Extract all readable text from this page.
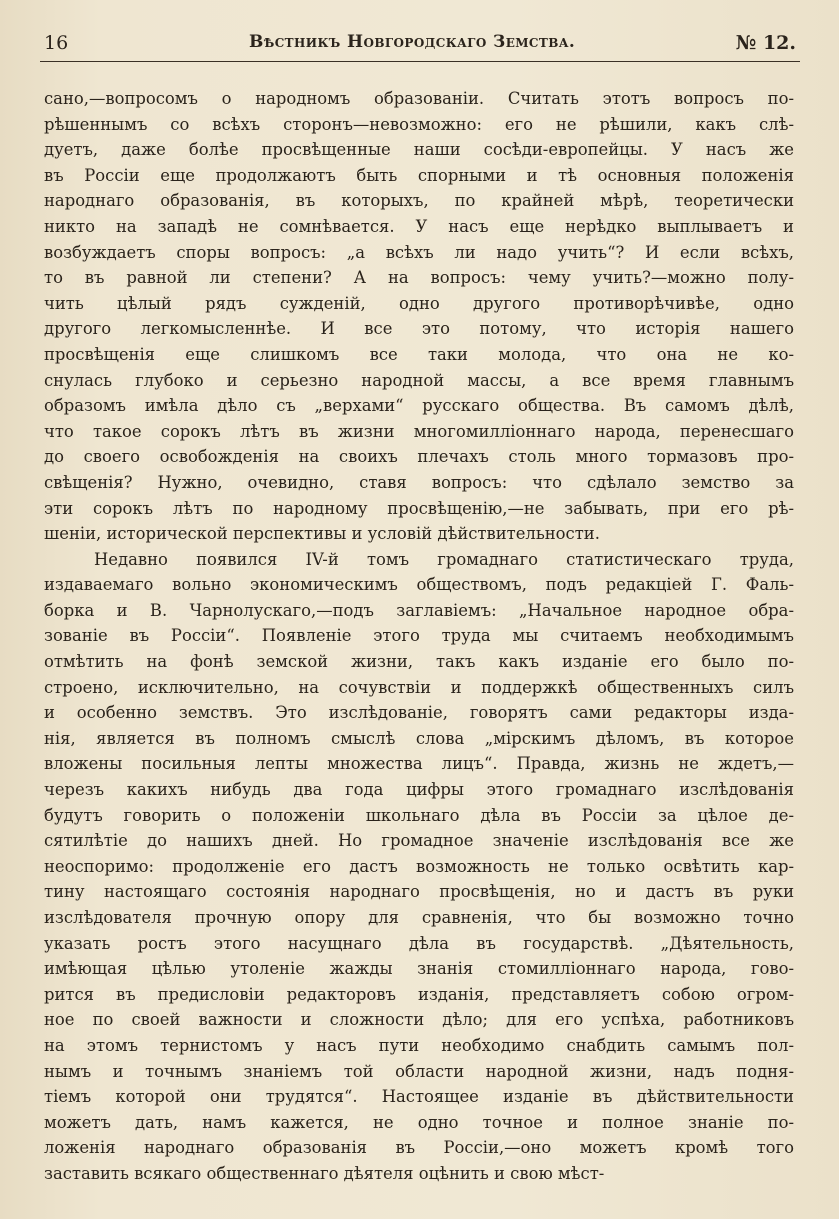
16	Вѣстникъ Новгородскаго Земства.	№ 12.
сано,—вопросомъ о народномъ образованіи. Считать этотъ вопросъ по-
рѣшеннымъ со всѣхъ сторонъ—невозможно: его не рѣшили, какъ слѣ-
дуетъ, даже болѣе просвѣщенные наши сосѣди-европейцы. У насъ же
въ Россіи еще продолжаютъ быть спорными и тѣ основныя положенія
народнаго образованія, въ которыхъ, по крайней мѣрѣ, теоретически
никто на западѣ не сомнѣвается. У насъ еще нерѣдко выплываетъ и
возбуждаетъ споры вопросъ: „а всѣхъ ли надо учить“? И если всѣхъ,
то въ равной ли степени? А на вопросъ: чему учить?—можно полу-
чить цѣлый рядъ сужденій, одно другого противорѣчивѣе, одно
другого легкомысленнѣе. И все это потому, что исторія нашего
просвѣщенія еще слишкомъ все таки молода, что она не ко-
снулась глубоко и серьезно народной массы, а все время главнымъ
образомъ имѣла дѣло съ „верхами“ русскаго общества. Въ самомъ дѣлѣ,
что такое сорокъ лѣтъ въ жизни многомилліоннаго народа, перенесшаго
до своего освобожденія на своихъ плечахъ столь много тормазовъ про-
свѣщенія? Нужно, очевидно, ставя вопросъ: что сдѣлало земство за
эти сорокъ лѣтъ по народному просвѣщенію,—не забывать, при его рѣ-
шеніи, исторической перспективы и условій дѣйствительности.
Недавно появился IV-й томъ громаднаго статистическаго труда,
издаваемаго вольно экономическимъ обществомъ, подъ редакціей Г. Фаль-
борка и В. Чарнолускаго,—подъ заглавіемъ: „Начальное народное обра-
зованіе въ Россіи“. Появленіе этого труда мы считаемъ необходимымъ
отмѣтить на фонѣ земской жизни, такъ какъ изданіе его было по-
строено, исключительно, на сочувствіи и поддержкѣ общественныхъ силъ
и особенно земствъ. Это изслѣдованіе, говорятъ сами редакторы изда-
нія, является въ полномъ смыслѣ слова „мірскимъ дѣломъ, въ которое
вложены посильныя лепты множества лицъ“. Правда, жизнь не ждетъ,—
черезъ какихъ нибудь два года цифры этого громаднаго изслѣдованія
будутъ говорить о положеніи школьнаго дѣла въ Россіи за цѣлое де-
сятилѣтіе до нашихъ дней. Но громадное значеніе изслѣдованія все же
неоспоримо: продолженіе его дастъ возможность не только освѣтить кар-
тину настоящаго состоянія народнаго просвѣщенія, но и дастъ въ руки
изслѣдователя прочную опору для сравненія, что бы возможно точно
указать ростъ этого насущнаго дѣла въ государствѣ. „Дѣятельность,
имѣющая цѣлью утоленіе жажды знанія стомилліоннаго народа, гово-
рится въ предисловіи редакторовъ изданія, представляетъ собою огром-
ное по своей важности и сложности дѣло; для его успѣха, работниковъ
на этомъ тернистомъ у насъ пути необходимо снабдить самымъ пол-
нымъ и точнымъ знаніемъ той области народной жизни, надъ подня-
тіемъ которой они трудятся“. Настоящее изданіе въ дѣйствительности
можетъ дать, намъ кажется, не одно точное и полное знаніе по-
ложенія народнаго образованія въ Россіи,—оно можетъ кромѣ того
заставить всякаго общественнаго дѣятеля оцѣнить и свою мѣст-
